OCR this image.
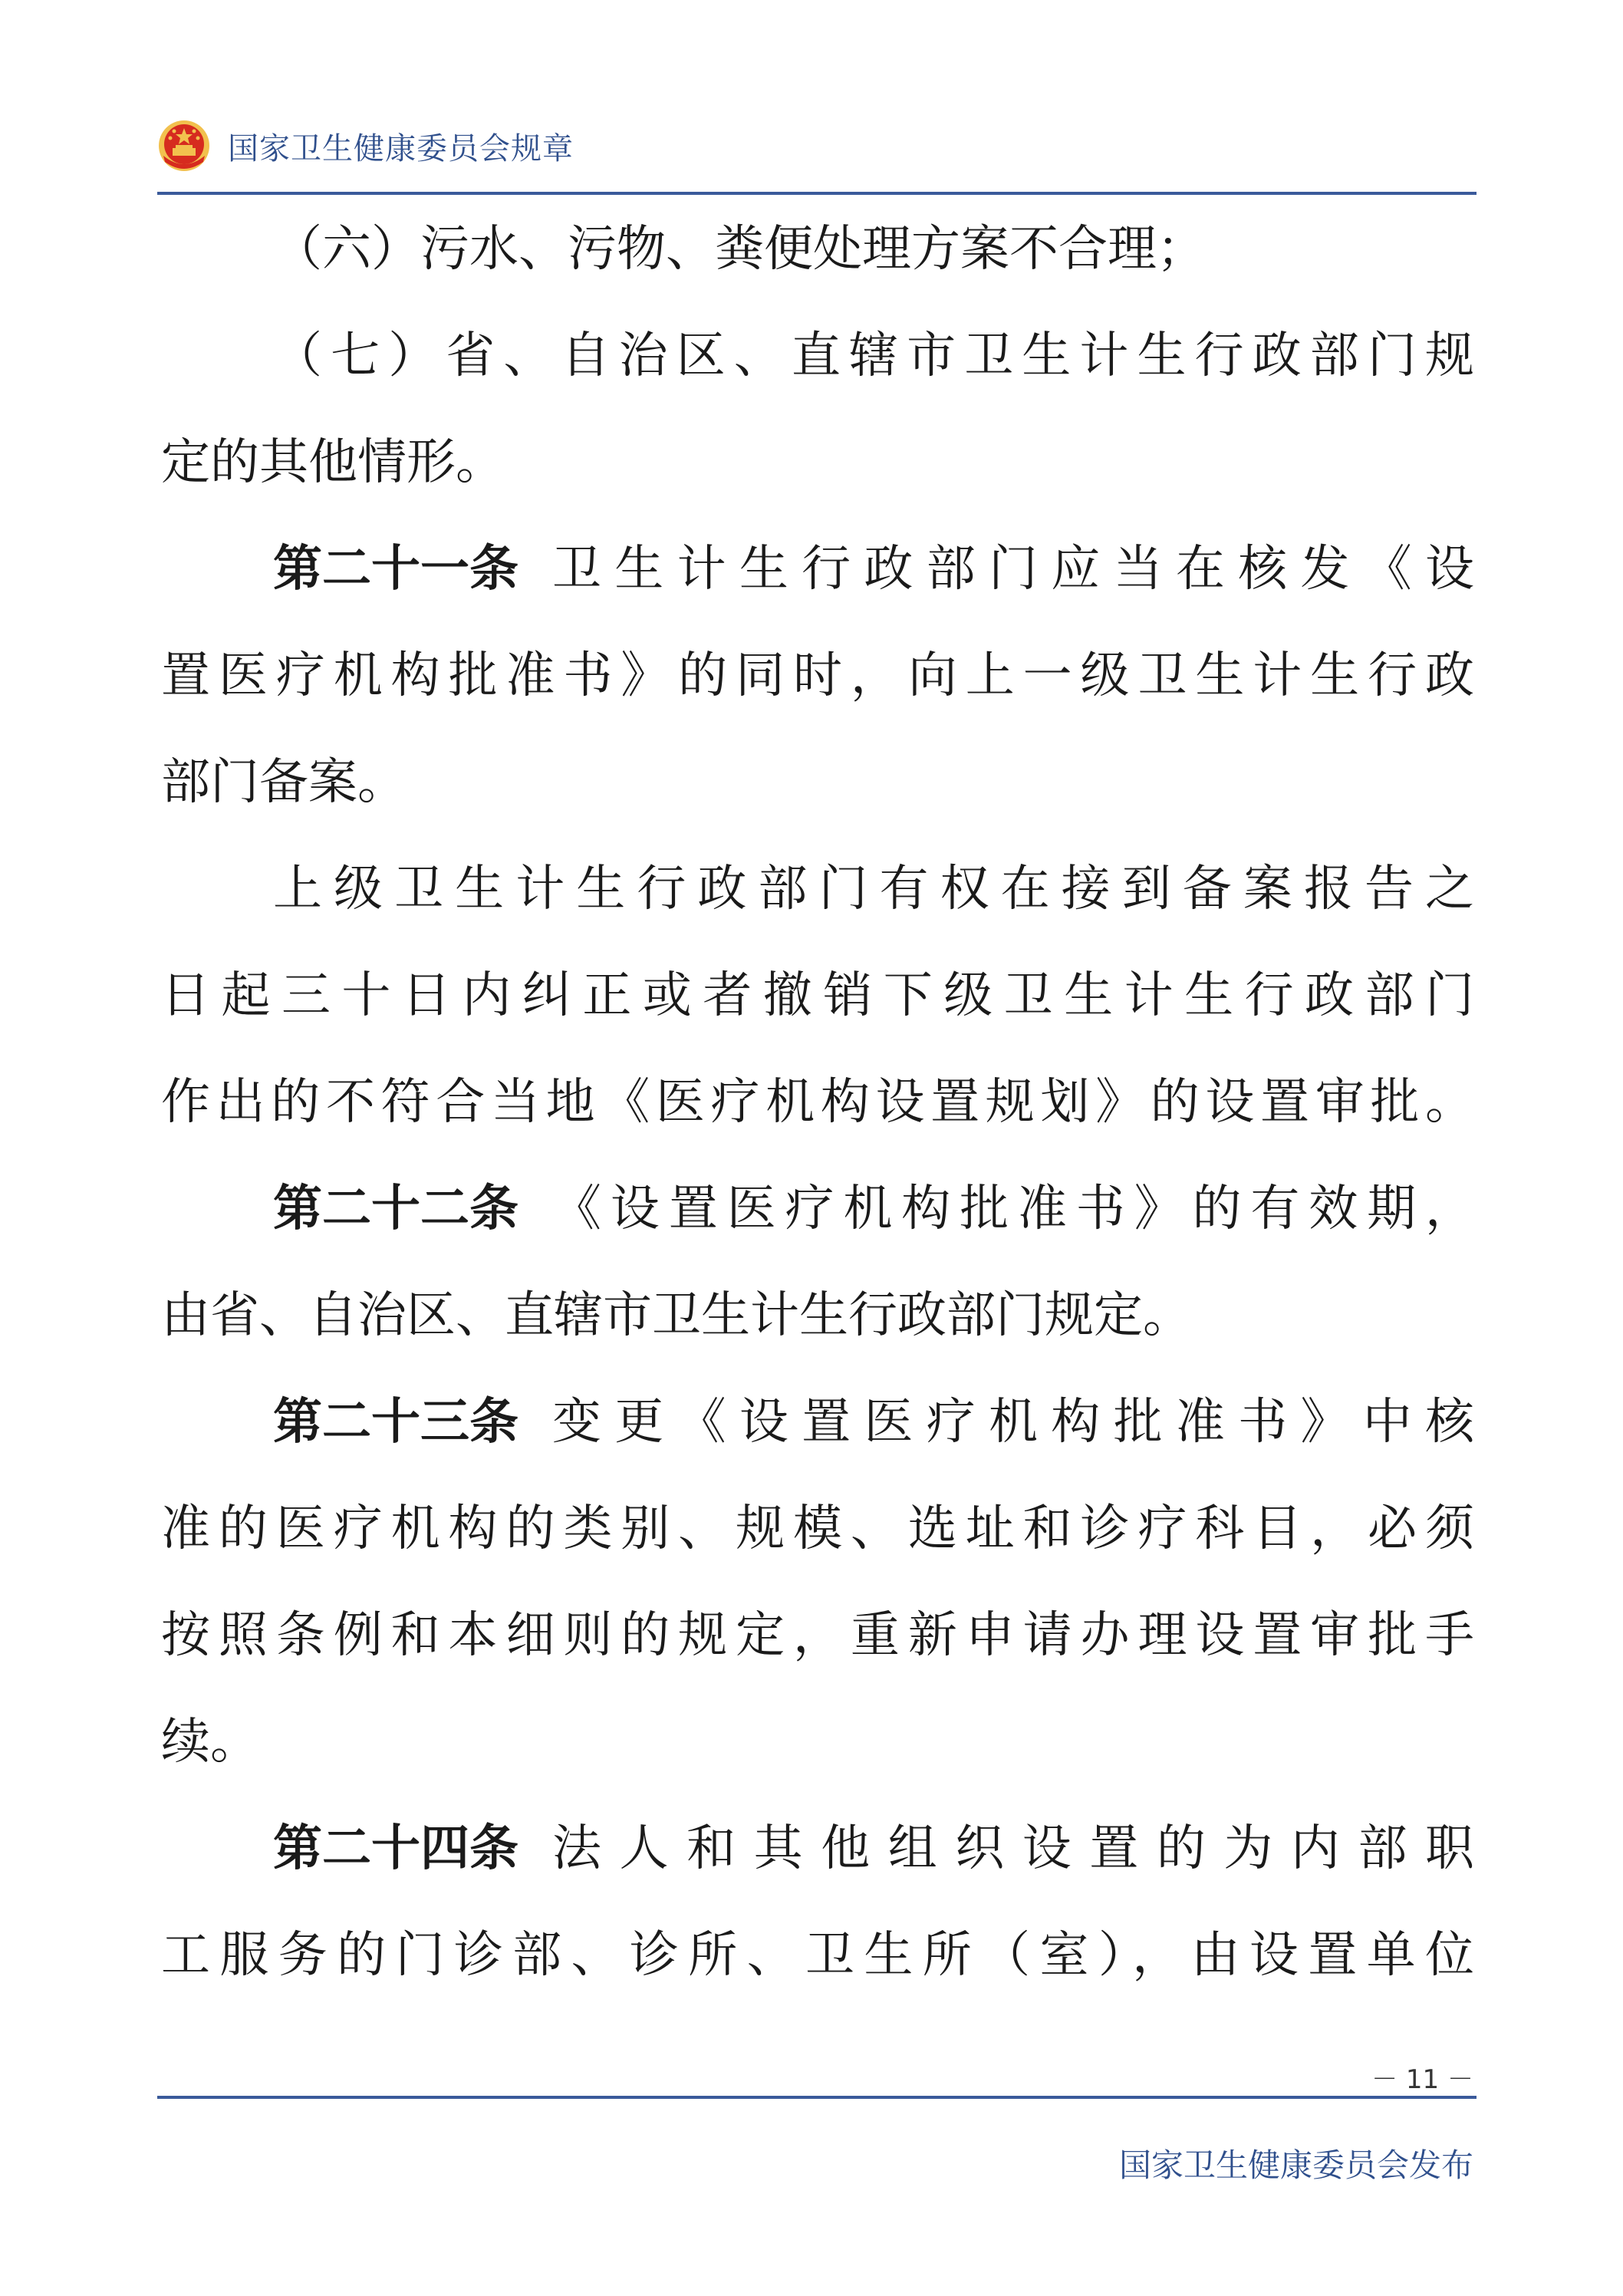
国家卫生健康委员会规章
（六）污水、污物、粪便处理方案不合理；
（七）省、自治区、直辖市卫生计生行政部门规
定的其他情形。
第二十一条 卫生计生行政部门应当在核发《设
置医疗机构批准书》的同时，向上一级卫生计生行政
部门备案。
上级卫生计生行政部门有权在接到备案报告之
日起三十日内纠正或者撤销下级卫生计生行政部门
作出的不符合当地《医疗机构设置规划》的设置审批。
第二十二条 《设置医疗机构批准书》的有效期，
由省、自治区、直辖市卫生计生行政部门规定。
第二十三条 变更《设置医疗机构批准书》中核
准的医疗机构的类别、规模、选址和诊疗科目，必须
按照条例和本细则的规定，重新申请办理设置审批手
续。
第二十四条 法人和其他组织设置的为内部职
工服务的门诊部、诊所、卫生所（室），由设置单位
－ 11 －
国家卫生健康委员会发布
